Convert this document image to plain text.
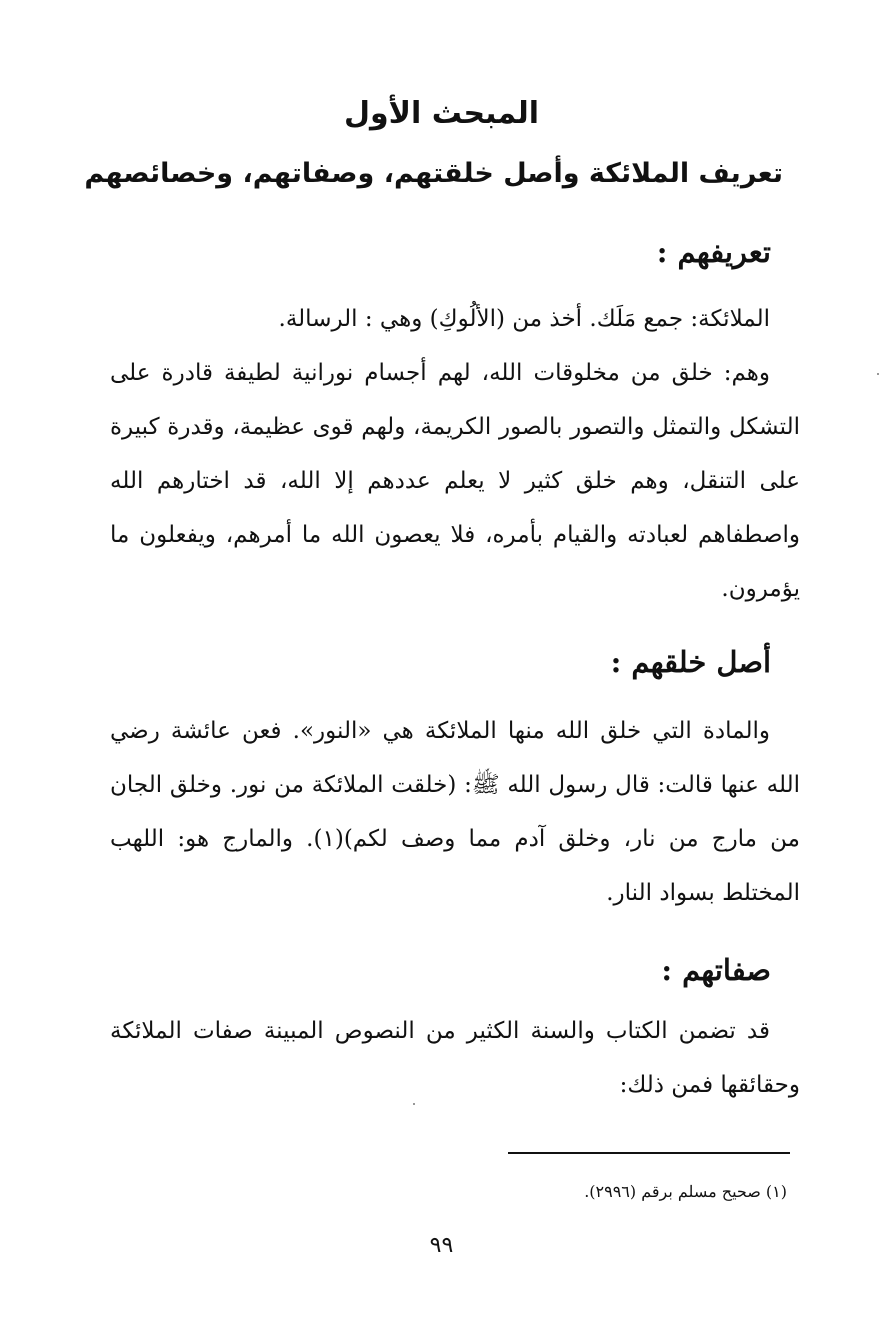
المبحث الأول
تعريف الملائكة وأصل خلقتهم، وصفاتهم، وخصائصهم
تعريفهم :

الملائكة: جمع مَلَك. أخذ من (الألُوكِ) وهي : الرسالة.

وهم: خلق من مخلوقات الله، لهم أجسام نورانية لطيفة قادرة على التشكل والتمثل والتصور بالصور الكريمة، ولهم قوى عظيمة، وقدرة كبيرة على التنقل، وهم خلق كثير لا يعلم عددهم إلا الله، قد اختارهم الله واصطفاهم لعبادته والقيام بأمره، فلا يعصون الله ما أمرهم، ويفعلون ما يؤمرون.

أصل خلقهم :

والمادة التي خلق الله منها الملائكة هي «النور». فعن عائشة رضي الله عنها قالت: قال رسول الله ﷺ: (خلقت الملائكة من نور. وخلق الجان من مارج من نار، وخلق آدم مما وصف لكم)(١). والمارج هو: اللهب المختلط بسواد النار.

صفاتهم :

قد تضمن الكتاب والسنة الكثير من النصوص المبينة صفات الملائكة وحقائقها فمن ذلك:

(١) صحيح مسلم برقم (٢٩٩٦).

٩٩
